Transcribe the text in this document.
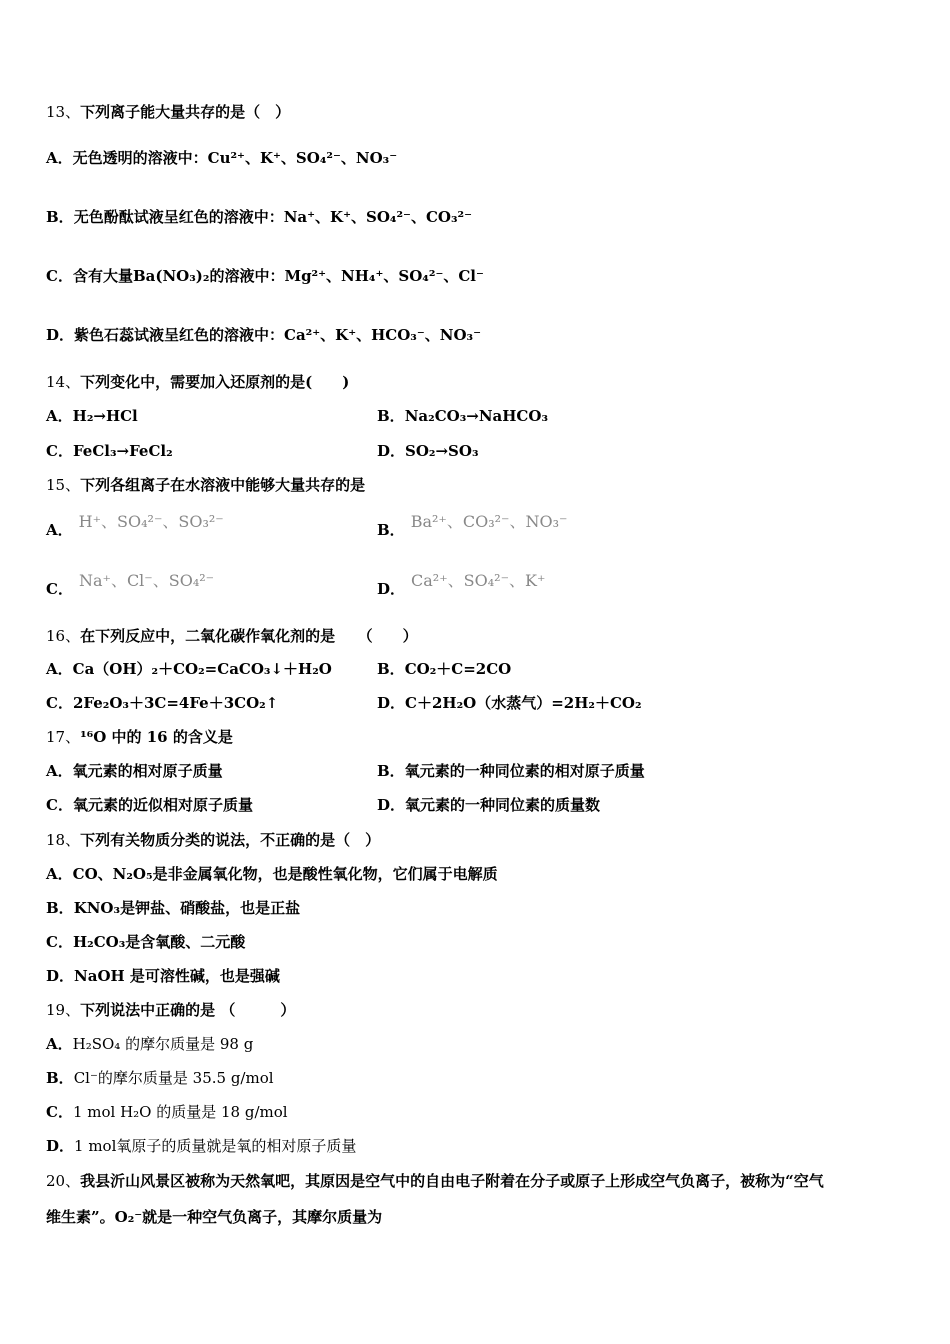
13、下列离子能大量共存的是（　）
A．无色透明的溶液中：Cu²⁺、K⁺、SO₄²⁻、NO₃⁻
B．无色酚酞试液呈红色的溶液中：Na⁺、K⁺、SO₄²⁻、CO₃²⁻
C．含有大量Ba(NO₃)₂的溶液中：Mg²⁺、NH₄⁺、SO₄²⁻、Cl⁻
D．紫色石蕊试液呈红色的溶液中：Ca²⁺、K⁺、HCO₃⁻、NO₃⁻
14、下列变化中，需要加入还原剂的是(　　)
A．H₂→HCl	B．Na₂CO₃→NaHCO₃
C．FeCl₃→FeCl₂	D．SO₂→SO₃
15、下列各组离子在水溶液中能够大量共存的是
A． H⁺、SO₄²⁻、SO₃²⁻	B． Ba²⁺、CO₃²⁻、NO₃⁻
C． Na⁺、Cl⁻、SO₄²⁻	D． Ca²⁺、SO₄²⁻、K⁺
16、在下列反应中，二氧化碳作氧化剂的是　　（　　）
A．Ca（OH）₂＋CO₂=CaCO₃↓＋H₂O	B．CO₂＋C=2CO
C．2Fe₂O₃＋3C=4Fe＋3CO₂↑	D．C＋2H₂O（水蒸气）=2H₂＋CO₂
17、¹⁶O 中的 16 的含义是
A．氧元素的相对原子质量	B．氧元素的一种同位素的相对原子质量
C．氧元素的近似相对原子质量	D．氧元素的一种同位素的质量数
18、下列有关物质分类的说法，不正确的是（　）
A．CO、N₂O₅是非金属氧化物，也是酸性氧化物，它们属于电解质
B．KNO₃是钾盐、硝酸盐，也是正盐
C．H₂CO₃是含氧酸、二元酸
D．NaOH 是可溶性碱，也是强碱
19、下列说法中正确的是 （　　　）
A．H₂SO₄ 的摩尔质量是 98 g
B．Cl⁻的摩尔质量是 35.5 g/mol
C．1 mol H₂O 的质量是 18 g/mol
D．1 mol氧原子的质量就是氧的相对原子质量
20、我县沂山风景区被称为天然氧吧，其原因是空气中的自由电子附着在分子或原子上形成空气负离子，被称为“空气
维生素”。O₂⁻就是一种空气负离子，其摩尔质量为
